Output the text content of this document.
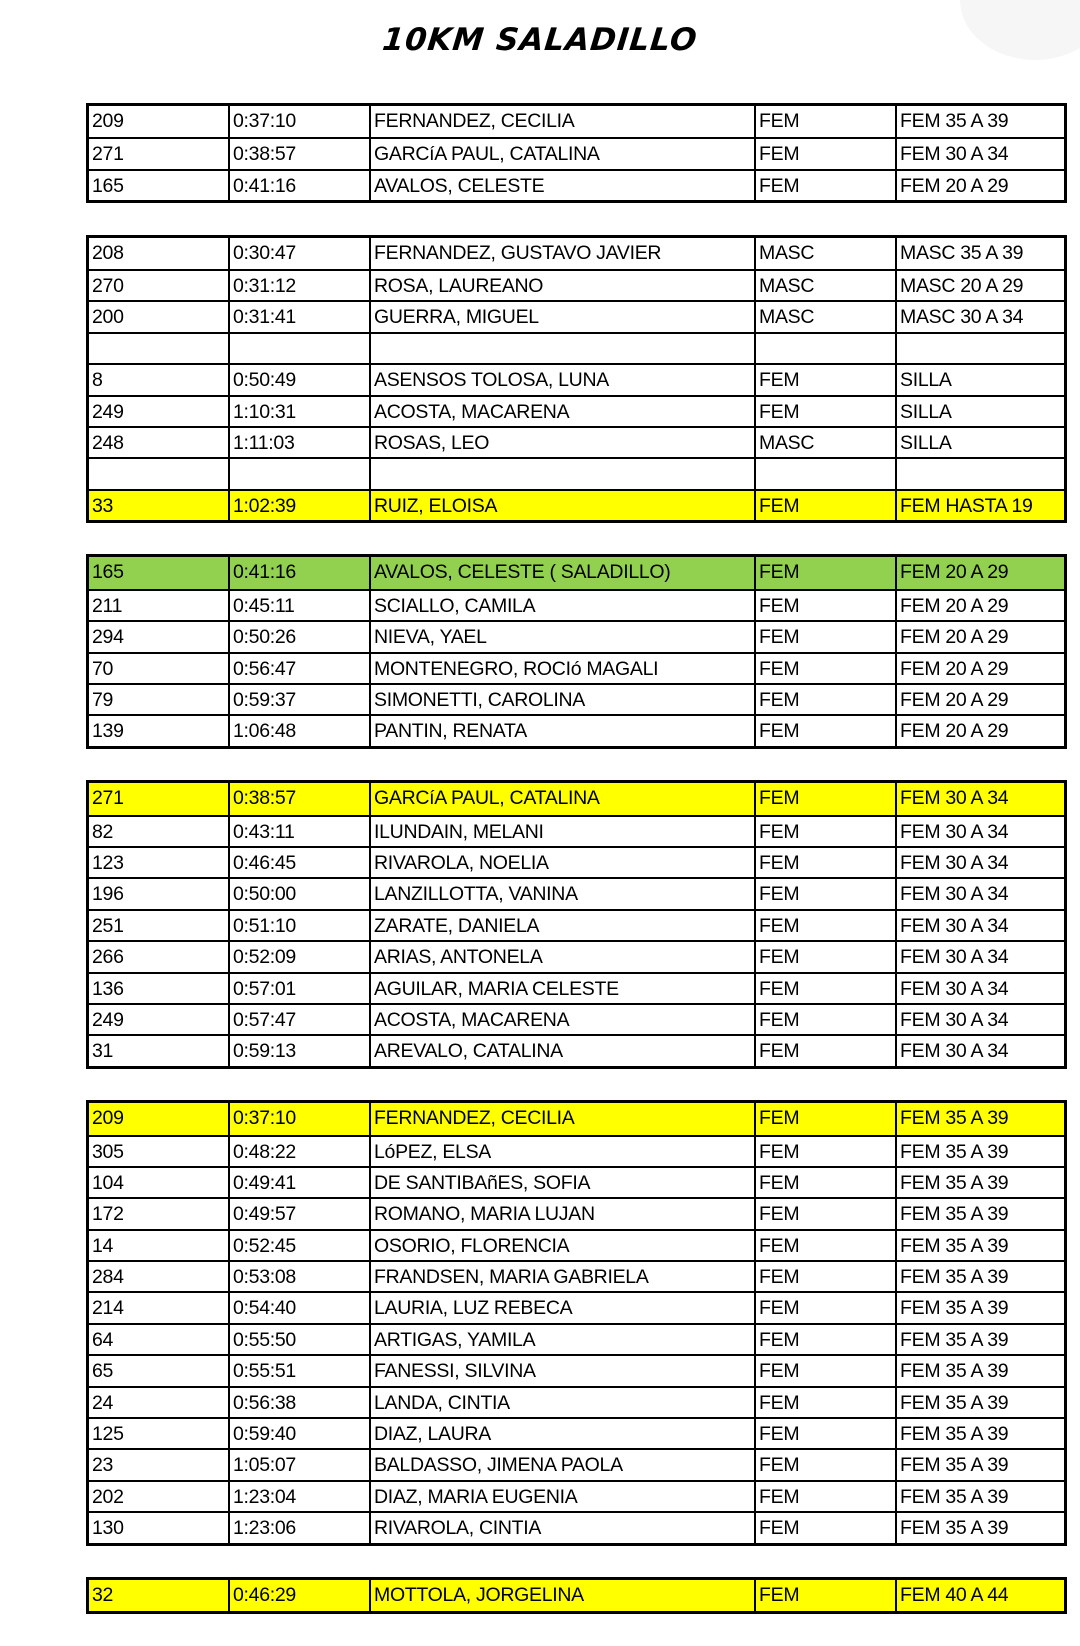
10KM SALADILLO
209	0:37:10	FERNANDEZ, CECILIA	FEM	FEM 35 A 39
271	0:38:57	GARCíA PAUL, CATALINA	FEM	FEM 30 A 34
165	0:41:16	AVALOS, CELESTE	FEM	FEM 20 A 29
208	0:30:47	FERNANDEZ, GUSTAVO JAVIER	MASC	MASC 35 A 39
270	0:31:12	ROSA, LAUREANO	MASC	MASC 20 A 29
200	0:31:41	GUERRA, MIGUEL	MASC	MASC 30 A 34
8	0:50:49	ASENSOS TOLOSA, LUNA	FEM	SILLA
249	1:10:31	ACOSTA, MACARENA	FEM	SILLA
248	1:11:03	ROSAS, LEO	MASC	SILLA
33	1:02:39	RUIZ, ELOISA	FEM	FEM HASTA 19
165	0:41:16	AVALOS, CELESTE ( SALADILLO)	FEM	FEM 20 A 29
211	0:45:11	SCIALLO, CAMILA	FEM	FEM 20 A 29
294	0:50:26	NIEVA, YAEL	FEM	FEM 20 A 29
70	0:56:47	MONTENEGRO, ROCIó MAGALI	FEM	FEM 20 A 29
79	0:59:37	SIMONETTI, CAROLINA	FEM	FEM 20 A 29
139	1:06:48	PANTIN, RENATA	FEM	FEM 20 A 29
271	0:38:57	GARCíA PAUL, CATALINA	FEM	FEM 30 A 34
82	0:43:11	ILUNDAIN, MELANI	FEM	FEM 30 A 34
123	0:46:45	RIVAROLA, NOELIA	FEM	FEM 30 A 34
196	0:50:00	LANZILLOTTA, VANINA	FEM	FEM 30 A 34
251	0:51:10	ZARATE, DANIELA	FEM	FEM 30 A 34
266	0:52:09	ARIAS, ANTONELA	FEM	FEM 30 A 34
136	0:57:01	AGUILAR, MARIA CELESTE	FEM	FEM 30 A 34
249	0:57:47	ACOSTA, MACARENA	FEM	FEM 30 A 34
31	0:59:13	AREVALO, CATALINA	FEM	FEM 30 A 34
209	0:37:10	FERNANDEZ, CECILIA	FEM	FEM 35 A 39
305	0:48:22	LóPEZ, ELSA	FEM	FEM 35 A 39
104	0:49:41	DE SANTIBAñES, SOFIA	FEM	FEM 35 A 39
172	0:49:57	ROMANO, MARIA LUJAN	FEM	FEM 35 A 39
14	0:52:45	OSORIO, FLORENCIA	FEM	FEM 35 A 39
284	0:53:08	FRANDSEN, MARIA GABRIELA	FEM	FEM 35 A 39
214	0:54:40	LAURIA, LUZ REBECA	FEM	FEM 35 A 39
64	0:55:50	ARTIGAS, YAMILA	FEM	FEM 35 A 39
65	0:55:51	FANESSI, SILVINA	FEM	FEM 35 A 39
24	0:56:38	LANDA, CINTIA	FEM	FEM 35 A 39
125	0:59:40	DIAZ, LAURA	FEM	FEM 35 A 39
23	1:05:07	BALDASSO, JIMENA PAOLA	FEM	FEM 35 A 39
202	1:23:04	DIAZ, MARIA EUGENIA	FEM	FEM 35 A 39
130	1:23:06	RIVAROLA, CINTIA	FEM	FEM 35 A 39
32	0:46:29	MOTTOLA, JORGELINA	FEM	FEM 40 A 44
